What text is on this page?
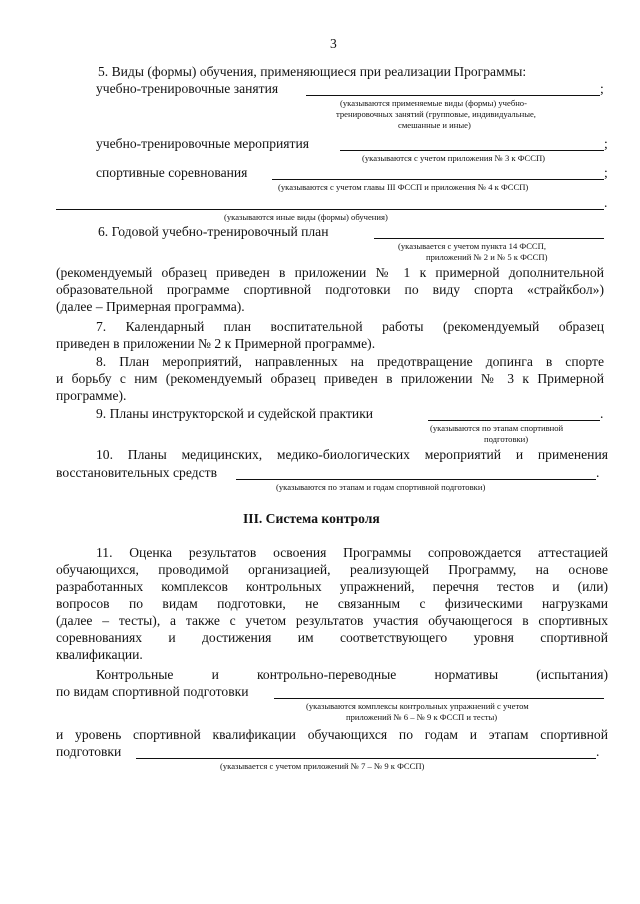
3
5. Виды (формы) обучения, применяющиеся при реализации Программы:
учебно-тренировочные занятия	;
(указываются применяемые виды (формы) учебно-
тренировочных занятий (групповые, индивидуальные,
смешанные и иные)
учебно-тренировочные мероприятия	;
(указываются с учетом приложения № 3 к ФССП)
спортивные соревнования	;
(указываются с учетом главы III ФССП и приложения № 4 к ФССП)
.
(указываются иные виды (формы) обучения)
6. Годовой учебно-тренировочный план
(указывается с учетом пункта 14 ФССП,
приложений № 2 и № 5 к ФССП)
(рекомендуемый образец приведен в приложении № 1 к примерной дополнительной
образовательной программе спортивной подготовки по виду спорта «страйкбол»)
(далее – Примерная программа).
7. Календарный план воспитательной работы (рекомендуемый образец
приведен в приложении № 2 к Примерной программе).
8. План мероприятий, направленных на предотвращение допинга в спорте
и борьбу с ним (рекомендуемый образец приведен в приложении № 3 к Примерной
программе).
9. Планы инструкторской и судейской практики	.
(указываются по этапам спортивной
подготовки)
10. Планы медицинских, медико-биологических мероприятий и применения
восстановительных средств	.
(указываются по этапам и годам спортивной подготовки)
III. Система контроля
11. Оценка результатов освоения Программы сопровождается аттестацией
обучающихся, проводимой организацией, реализующей Программу, на основе
разработанных комплексов контрольных упражнений, перечня тестов и (или)
вопросов по видам подготовки, не связанным с физическими нагрузками
(далее – тесты), а также с учетом результатов участия обучающегося в спортивных
соревнованиях и достижения им соответствующего уровня спортивной
квалификации.
Контрольные и контрольно-переводные нормативы (испытания)
по видам спортивной подготовки
(указываются комплексы контрольных упражнений с учетом
приложений № 6 – № 9 к ФССП и тесты)
и уровень спортивной квалификации обучающихся по годам и этапам спортивной
подготовки	.
(указывается с учетом приложений № 7 – № 9 к ФССП)
